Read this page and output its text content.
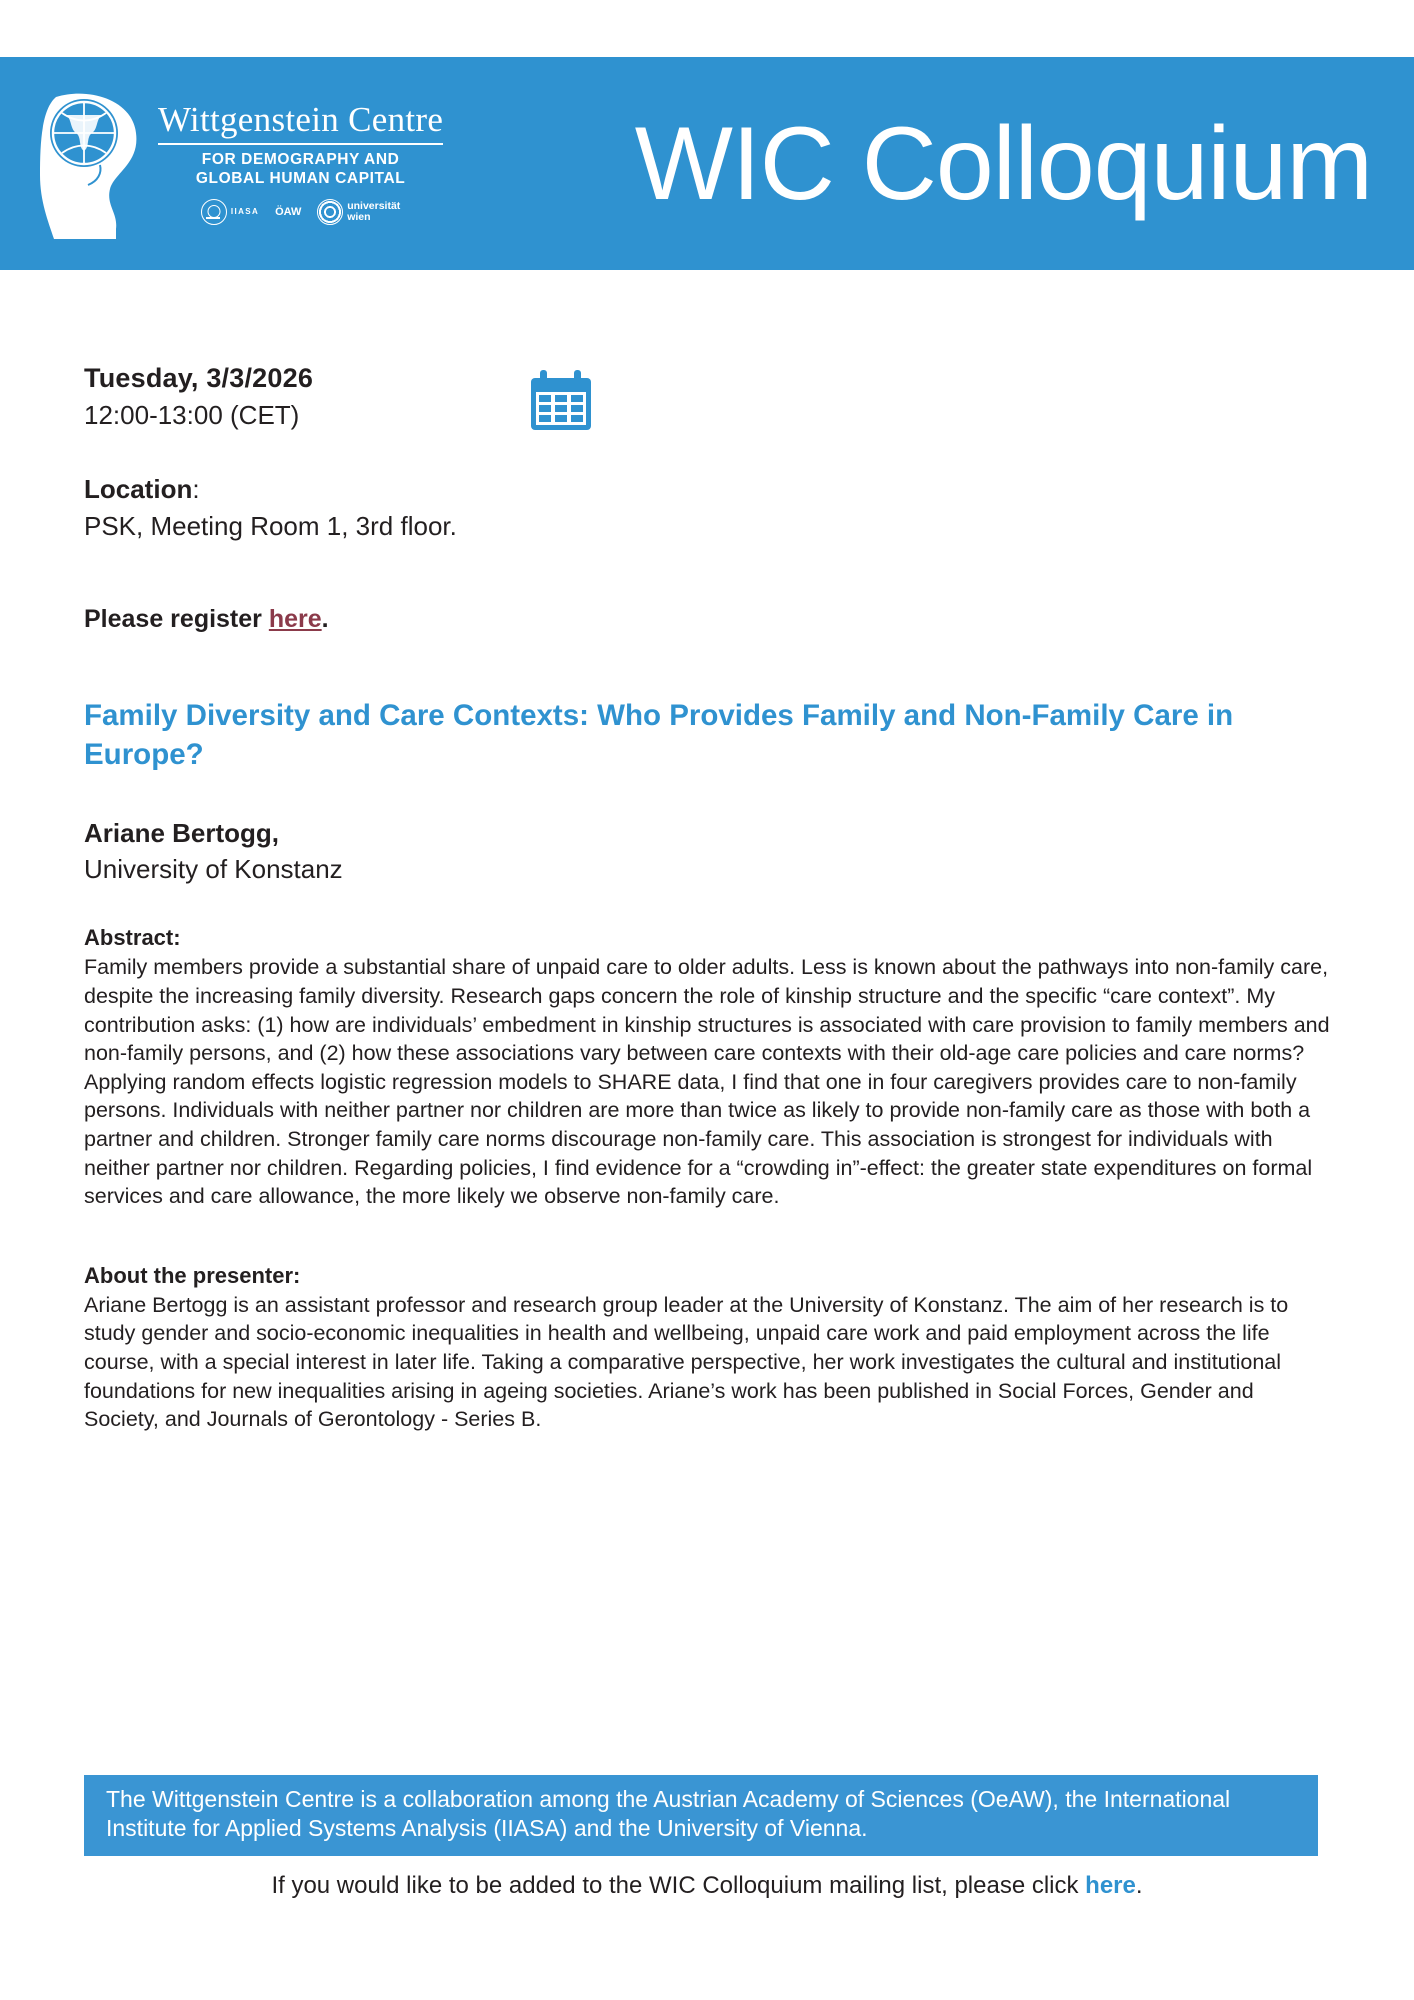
Wittgenstein Centre
FOR DEMOGRAPHY AND
GLOBAL HUMAN CAPITAL
IIASA ÖAW	universität
wien	WIC Colloquium
Tuesday, 3/3/2026
12:00-13:00 (CET)
Location:
PSK, Meeting Room 1, 3rd floor.
Please register here.
Family Diversity and Care Contexts: Who Provides Family and Non-Family Care in Europe?
Ariane Bertogg,
University of Konstanz
Abstract:

Family members provide a substantial share of unpaid care to older adults. Less is known about the pathways into non-family care, despite the increasing family diversity. Research gaps concern the role of kinship structure and the specific “care context”. My contribution asks: (1) how are individuals’ embedment in kinship structures is associated with care provision to family members and non-family persons, and (2) how these associations vary between care contexts with their old-age care policies and care norms?

Applying random effects logistic regression models to SHARE data, I find that one in four caregivers provides care to non-family persons. Individuals with neither partner nor children are more than twice as likely to provide non-family care as those with both a partner and children. Stronger family care norms discourage non-family care. This association is strongest for individuals with neither partner nor children. Regarding policies, I find evidence for a “crowding in”-effect: the greater state expenditures on formal services and care allowance, the more likely we observe non-family care.

About the presenter:

Ariane Bertogg is an assistant professor and research group leader at the University of Konstanz. The aim of her research is to study gender and socio-economic inequalities in health and wellbeing, unpaid care work and paid employment across the life course, with a special interest in later life. Taking a comparative perspective, her work investigates the cultural and institutional foundations for new inequalities arising in ageing societies. Ariane’s work has been published in Social Forces, Gender and Society, and Journals of Gerontology - Series B.

The Wittgenstein Centre is a collaboration among the Austrian Academy of Sciences (OeAW), the International Institute for Applied Systems Analysis (IIASA) and the University of Vienna.
If you would like to be added to the WIC Colloquium mailing list, please click here.
